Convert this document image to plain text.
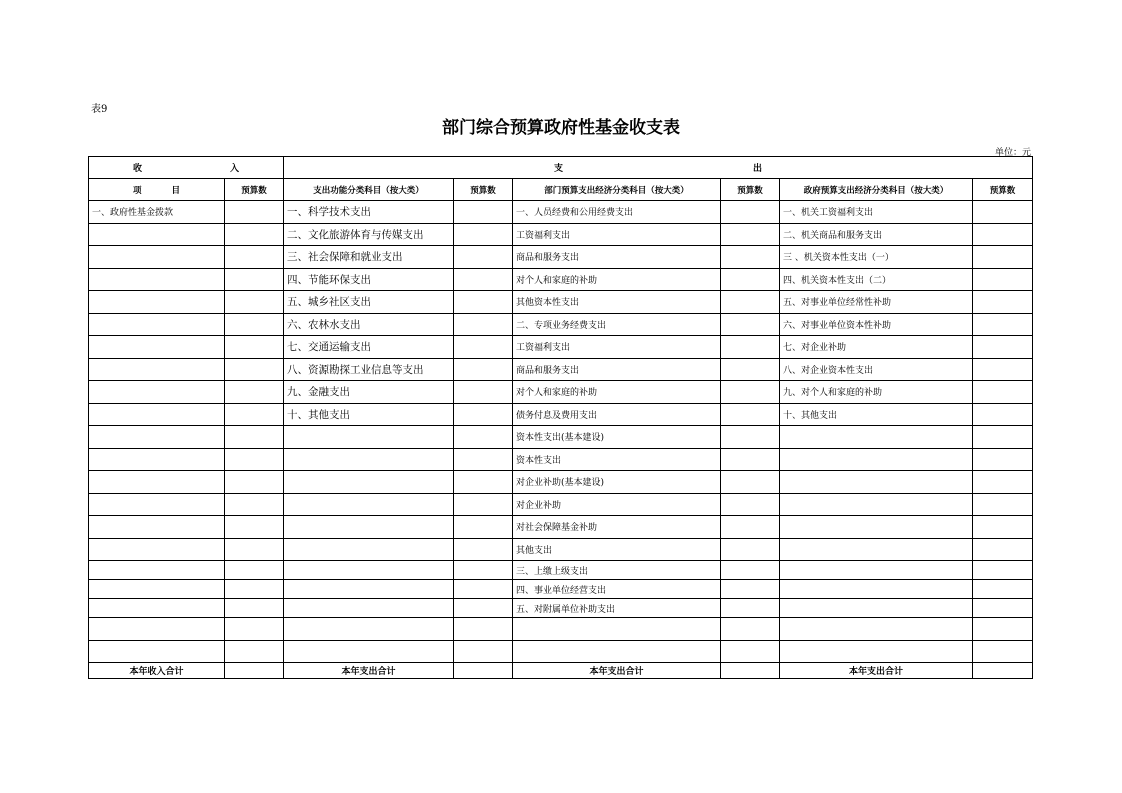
表9
部门综合预算政府性基金收支表
单位：元
收 入		支 出					

项 目	预算数	支出功能分类科目（按大类）	预算数	部门预算支出经济分类科目（按大类）	预算数	政府预算支出经济分类科目（按大类）	预算数
一、政府性基金拨款		一、科学技术支出		一、人员经费和公用经费支出		一、机关工资福利支出	
		二、文化旅游体育与传媒支出		工资福利支出		二、机关商品和服务支出	
		三、社会保障和就业支出		商品和服务支出		三 、机关资本性支出（一）	
		四、节能环保支出		对个人和家庭的补助		四、机关资本性支出（二）	
		五、城乡社区支出		其他资本性支出		五、对事业单位经常性补助	
		六、农林水支出		二、专项业务经费支出		六、对事业单位资本性补助	
		七、交通运输支出		工资福利支出		七、对企业补助	
		八、资源勘探工业信息等支出		商品和服务支出		八、对企业资本性支出	
		九、金融支出		对个人和家庭的补助		九、对个人和家庭的补助	
		十、其他支出		债务付息及费用支出		十、其他支出	
				资本性支出(基本建设)			
				资本性支出			
				对企业补助(基本建设)			
				对企业补助			
				对社会保障基金补助			
				其他支出			
				三、上缴上级支出			
				四、事业单位经营支出			
				五、对附属单位补助支出			

本年收入合计		本年支出合计		本年支出合计		本年支出合计	
